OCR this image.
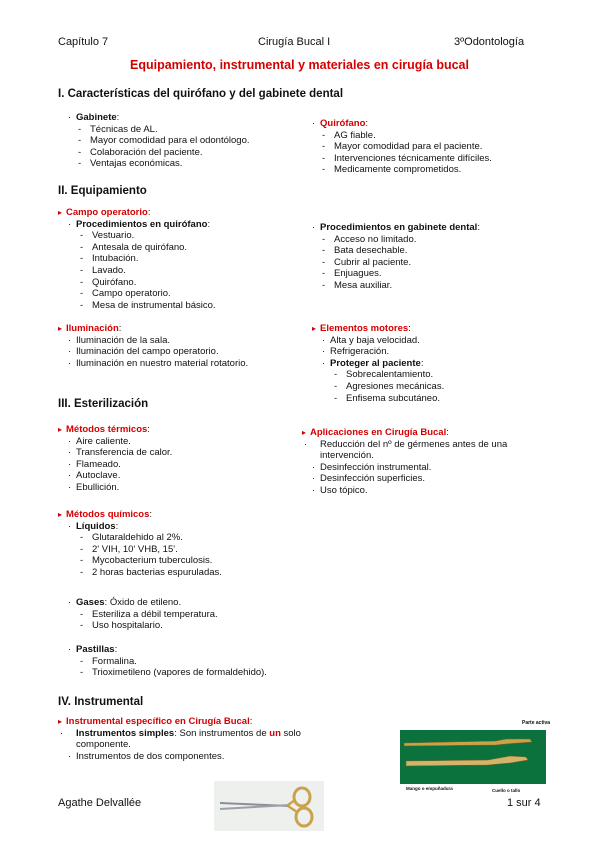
Capítulo 7	Cirugía Bucal I	3ºOdontología
Equipamiento, instrumental y materiales en cirugía bucal
I. Características del quirófano y del gabinete dental
· Gabinete:
- Técnicas de AL.
- Mayor comodidad para el odontólogo.
- Colaboración del paciente.
- Ventajas económicas.
· Quirófano:
- AG fiable.
- Mayor comodidad para el paciente.
- Intervenciones técnicamente difíciles.
- Medicamente comprometidos.
II. Equipamiento
▸ Campo operatorio:
· Procedimientos en quirófano:
- Vestuario.
- Antesala de quirófano.
- Intubación.
- Lavado.
- Quirófano.
- Campo operatorio.
- Mesa de instrumental básico.
· Procedimientos en gabinete dental:
- Acceso no limitado.
- Bata desechable.
- Cubrir al paciente.
- Enjuagues.
- Mesa auxiliar.
▸ Iluminación:
· Iluminación de la sala.
· Iluminación del campo operatorio.
· Iluminación en nuestro material rotatorio.
▸ Elementos motores:
· Alta y baja velocidad.
· Refrigeración.
· Proteger al paciente:
- Sobrecalentamiento.
- Agresiones mecánicas.
- Enfisema subcutáneo.
III. Esterilización
▸ Métodos térmicos:
· Aire caliente.
· Transferencia de calor.
· Flameado.
· Autoclave.
· Ebullición.
▸ Aplicaciones en Cirugía Bucal:
· Reducción del nº de gérmenes antes de una intervención.
· Desinfección instrumental.
· Desinfección superficies.
· Uso tópico.
▸ Métodos químicos:
· Líquidos:
- Glutaraldehido al 2%.
- 2' VIH, 10' VHB, 15'.
- Mycobacterium tuberculosis.
- 2 horas bacterias espuruladas.
· Gases: Óxido de etileno.
- Esteriliza a débil temperatura.
- Uso hospitalario.
· Pastillas:
- Formalina.
- Trioximetileno (vapores de formaldehido).
IV. Instrumental
▸ Instrumental específico en Cirugía Bucal:
· Instrumentos simples: Son instrumentos de un solo componente.
· Instrumentos de dos componentes.
Parte activa
Mango o empuñadura	Cuello o tallo
Agathe Delvallée	1 sur 4
